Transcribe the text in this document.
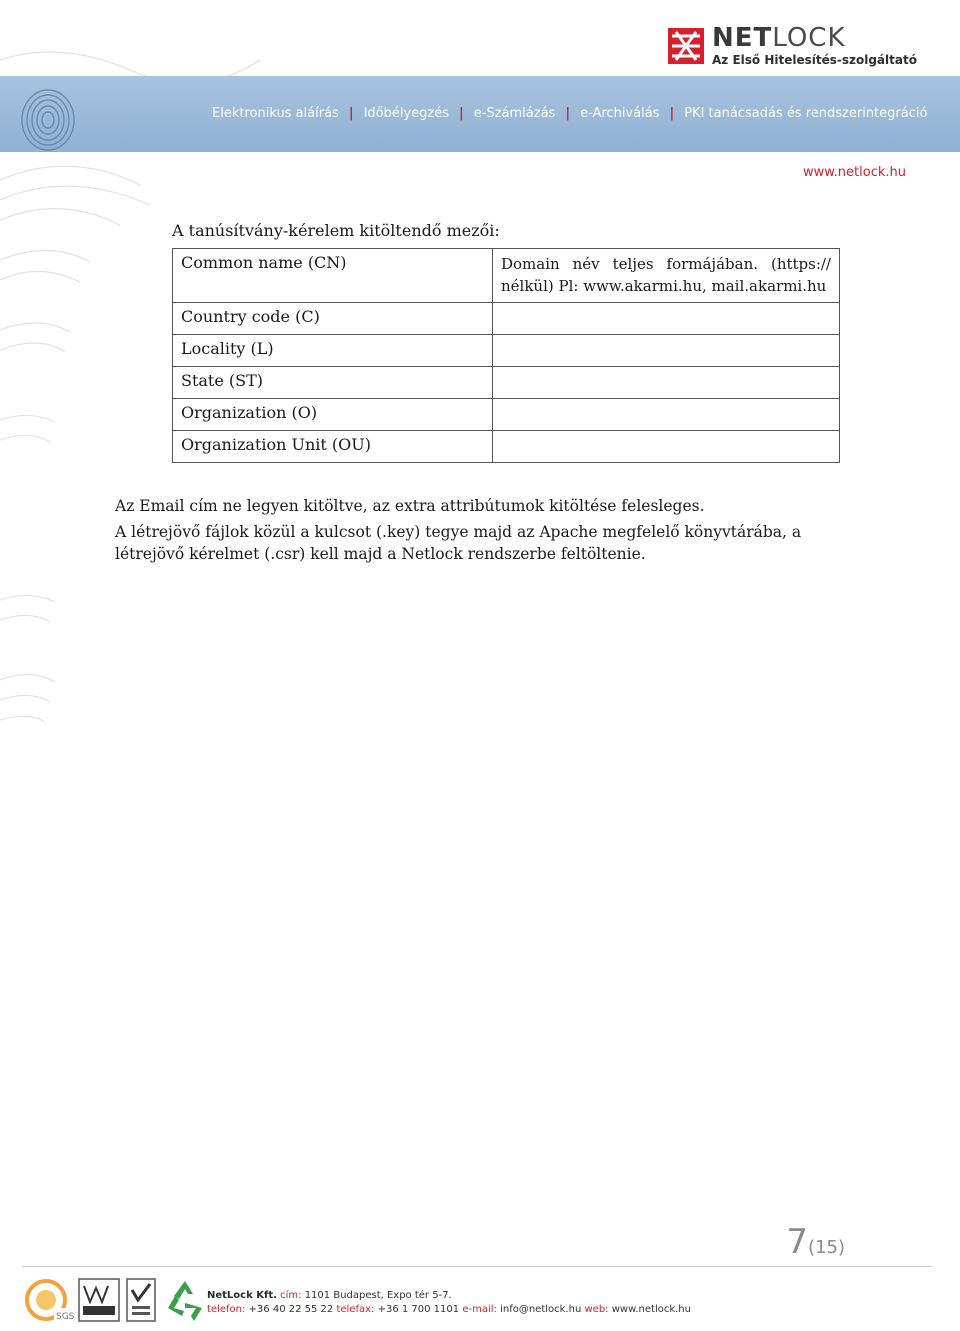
NETLOCK
Az Első Hitelesítés-szolgáltató
Elektronikus aláírás | Időbélyegzés | e-Számlázás | e-Archiválás | PKI tanácsadás és rendszerintegráció
www.netlock.hu
A tanúsítvány-kérelem kitöltendő mezői:
Common name (CN)	Domain név teljes formájában. (https:// nélkül) Pl: www.akarmi.hu, mail.akarmi.hu
Country code (C)	
Locality (L)	
State (ST)	
Organization (O)	
Organization Unit (OU)	
Az Email cím ne legyen kitöltve, az extra attribútumok kitöltése felesleges.
A létrejövő fájlok közül a kulcsot (.key) tegye majd az Apache megfelelő könyvtárába, a létrejövő kérelmet (.csr) kell majd a Netlock rendszerbe feltöltenie.
7(15)
SGS
NetLock Kft. cím: 1101 Budapest, Expo tér 5-7.
telefon: +36 40 22 55 22 telefax: +36 1 700 1101 e-mail: info@netlock.hu web: www.netlock.hu
